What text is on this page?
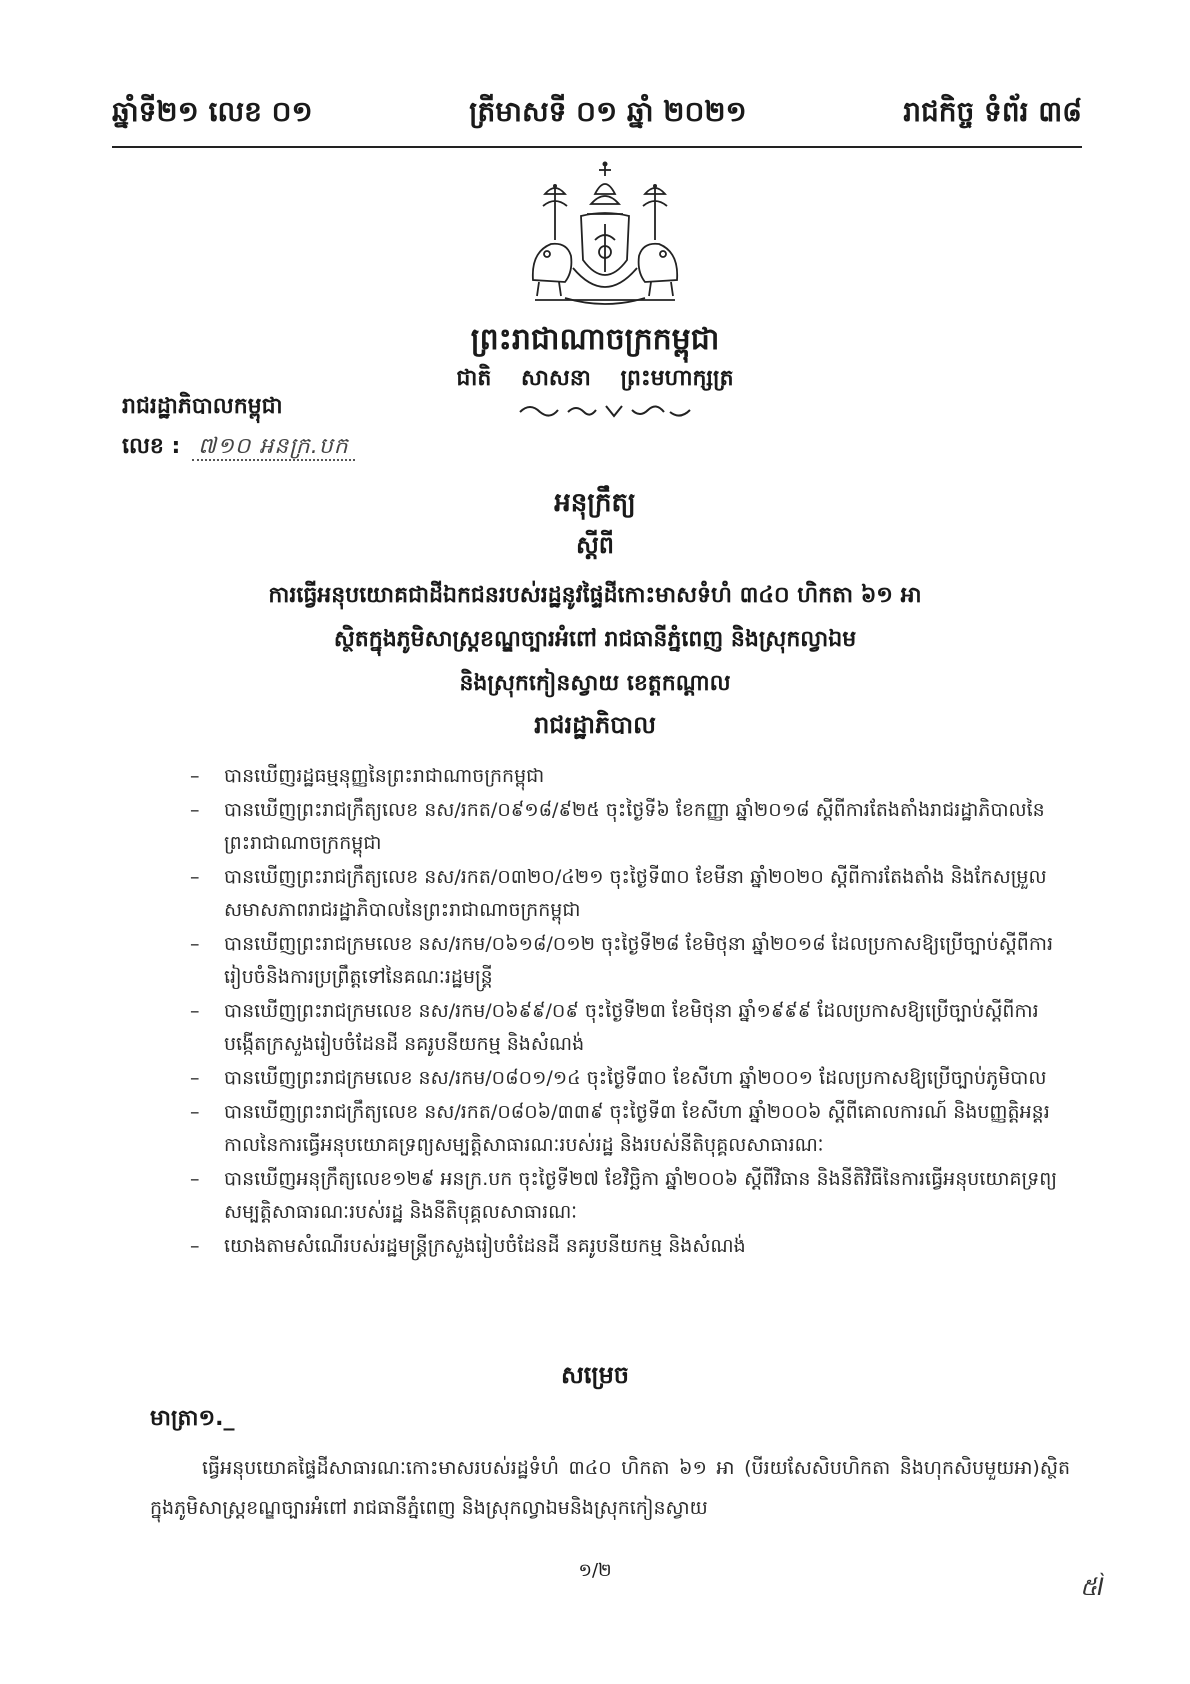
ឆ្នាំទី២១ លេខ ០១	ត្រីមាសទី ០១ ឆ្នាំ ២០២១	រាជកិច្ច ទំព័រ ៣៨
ព្រះរាជាណាចក្រកម្ពុជា
ជាតិ សាសនា ព្រះមហាក្សត្រ
រាជរដ្ឋាភិបាលកម្ពុជា
លេខ : ៧១០ អនក្រ.បក
អនុក្រឹត្យ
ស្តីពី
ការធ្វើអនុបយោគជាដីឯកជនរបស់រដ្ឋនូវផ្ទៃដីកោះមាសទំហំ ៣៤០ ហិកតា ៦១ អា
ស្ថិតក្នុងភូមិសាស្ត្រខណ្ឌច្បារអំពៅ រាជធានីភ្នំពេញ និងស្រុកល្វាឯម
និងស្រុកកៀនស្វាយ ខេត្តកណ្តាល
រាជរដ្ឋាភិបាល
–	បានឃើញរដ្ឋធម្មនុញ្ញនៃព្រះរាជាណាចក្រកម្ពុជា
–	បានឃើញព្រះរាជក្រឹត្យលេខ នស/រកត/០៩១៨/៩២៥ ចុះថ្ងៃទី៦ ខែកញ្ញា ឆ្នាំ២០១៨ ស្តីពីការតែងតាំងរាជរដ្ឋាភិបាលនៃព្រះរាជាណាចក្រកម្ពុជា
–	បានឃើញព្រះរាជក្រឹត្យលេខ នស/រកត/០៣២០/៤២១ ចុះថ្ងៃទី៣០ ខែមីនា ឆ្នាំ២០២០ ស្តីពីការតែងតាំង និងកែសម្រួលសមាសភាពរាជរដ្ឋាភិបាលនៃព្រះរាជាណាចក្រកម្ពុជា
–	បានឃើញព្រះរាជក្រមលេខ នស/រកម/០៦១៨/០១២ ចុះថ្ងៃទី២៨ ខែមិថុនា ឆ្នាំ២០១៨ ដែលប្រកាសឱ្យប្រើច្បាប់ស្តីពីការរៀបចំនិងការប្រព្រឹត្តទៅនៃគណៈរដ្ឋមន្ត្រី
–	បានឃើញព្រះរាជក្រមលេខ នស/រកម/០៦៩៩/០៩ ចុះថ្ងៃទី២៣ ខែមិថុនា ឆ្នាំ១៩៩៩ ដែលប្រកាសឱ្យប្រើច្បាប់ស្តីពីការបង្កើតក្រសួងរៀបចំដែនដី នគរូបនីយកម្ម និងសំណង់
–	បានឃើញព្រះរាជក្រមលេខ នស/រកម/០៨០១/១៤ ចុះថ្ងៃទី៣០ ខែសីហា ឆ្នាំ២០០១ ដែលប្រកាសឱ្យប្រើច្បាប់ភូមិបាល
–	បានឃើញព្រះរាជក្រឹត្យលេខ នស/រកត/០៨០៦/៣៣៩ ចុះថ្ងៃទី៣ ខែសីហា ឆ្នាំ២០០៦ ស្តីពីគោលការណ៍ និងបញ្ញត្តិអន្តរកាលនៃការធ្វើអនុបយោគទ្រព្យសម្បត្តិសាធារណៈរបស់រដ្ឋ និងរបស់នីតិបុគ្គលសាធារណៈ
–	បានឃើញអនុក្រឹត្យលេខ១២៩ អនក្រ.បក ចុះថ្ងៃទី២៧ ខែវិច្ឆិកា ឆ្នាំ២០០៦ ស្តីពីវិធាន និងនីតិវិធីនៃការធ្វើអនុបយោគទ្រព្យសម្បត្តិសាធារណៈរបស់រដ្ឋ និងនីតិបុគ្គលសាធារណៈ
–	យោងតាមសំណើរបស់រដ្ឋមន្ត្រីក្រសួងរៀបចំដែនដី នគរូបនីយកម្ម និងសំណង់
សម្រេច
មាត្រា១._
ធ្វើអនុបយោគផ្ទៃដីសាធារណៈកោះមាសរបស់រដ្ឋទំហំ ៣៤០ ហិកតា ៦១ អា (បីរយសែសិបហិកតា និងហុកសិបមួយអា)ស្ថិតក្នុងភូមិសាស្ត្រខណ្ឌច្បារអំពៅ រាជធានីភ្នំពេញ និងស្រុកល្វាឯមនិងស្រុកកៀនស្វាយ
១/២
៥Ì
